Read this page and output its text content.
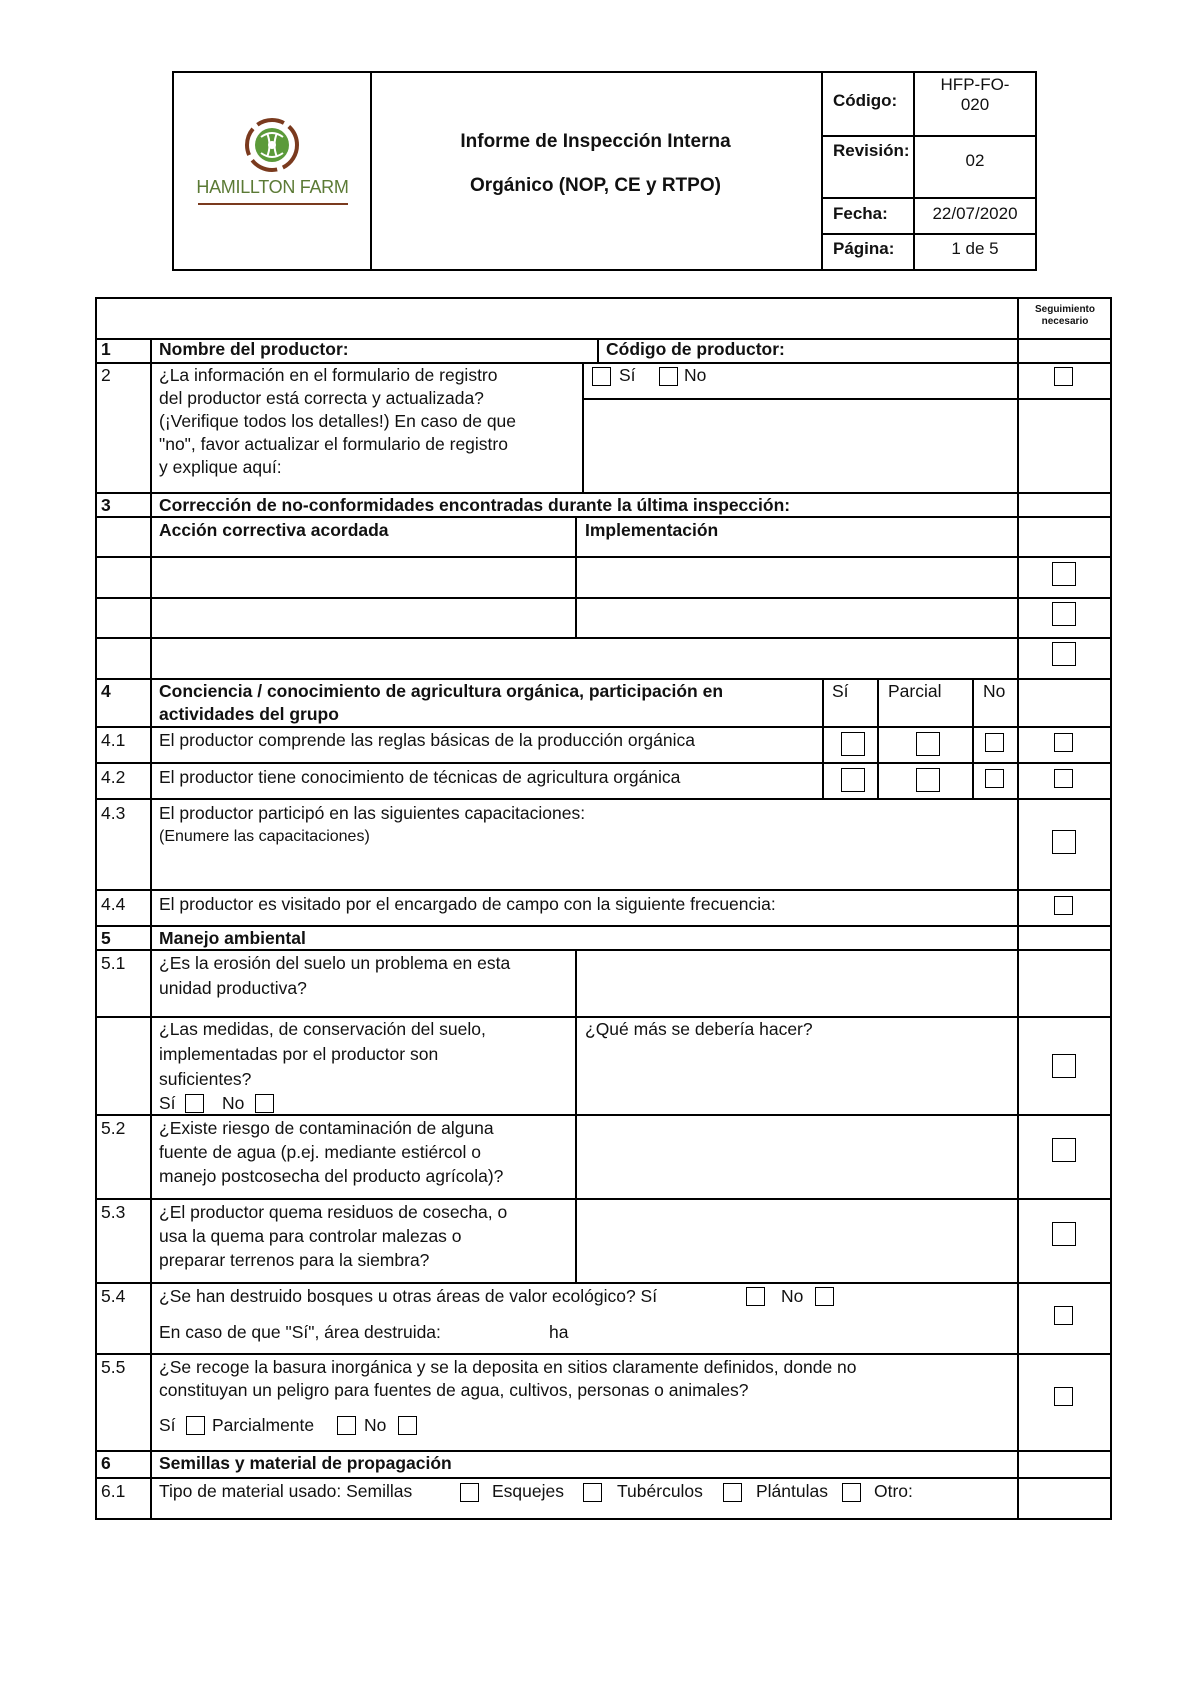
HAMILLTON FARM
Informe de Inspección Interna
Orgánico (NOP, CE y RTPO)
Código:
HFP-FO-020
Revisión:
02
Fecha:	22/07/2020
Página:	1 de 5
Seguimiento necesario
1	Nombre del productor:	Código de productor:
2	¿La información en el formulario de registro
del productor está correcta y actualizada?
(¡Verifique todos los detalles!) En caso de que
"no", favor actualizar el formulario de registro
y explique aquí:
Sí	No
3	Corrección de no-conformidades encontradas durante la última inspección:
Acción correctiva acordada	Implementación
4	Conciencia / conocimiento de agricultura orgánica, participación en
actividades del grupo
Sí Parcial No
4.1 El productor comprende las reglas básicas de la producción orgánica
4.2 El productor tiene conocimiento de técnicas de agricultura orgánica
4.3 El productor participó en las siguientes capacitaciones:
(Enumere las capacitaciones)
4.4 El productor es visitado por el encargado de campo con la siguiente frecuencia:
5	Manejo ambiental
5.1 ¿Es la erosión del suelo un problema en esta
unidad productiva?
¿Las medidas, de conservación del suelo,
implementadas por el productor son
suficientes?
Sí	No
¿Qué más se debería hacer?
5.2 ¿Existe riesgo de contaminación de alguna
fuente de agua (p.ej. mediante estiércol o
manejo postcosecha del producto agrícola)?
5.3 ¿El productor quema residuos de cosecha, o
usa la quema para controlar malezas o
preparar terrenos para la siembra?
5.4 ¿Se han destruido bosques u otras áreas de valor ecológico? Sí	No
En caso de que "Sí", área destruida:	ha
5.5 ¿Se recoge la basura inorgánica y se la deposita en sitios claramente definidos, donde no
constituyan un peligro para fuentes de agua, cultivos, personas o animales?
Sí Parcialmente	No
6	Semillas y material de propagación
6.1 Tipo de material usado: Semillas	Esquejes	Tubérculos	Plántulas	Otro:
